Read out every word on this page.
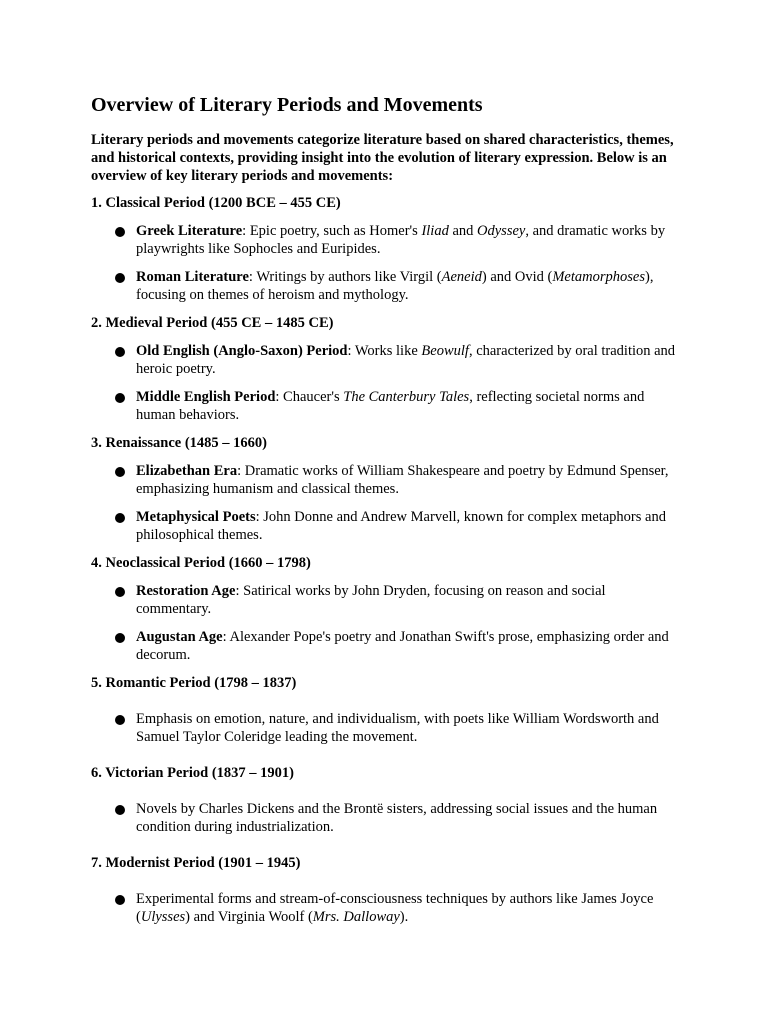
Overview of Literary Periods and Movements

Literary periods and movements categorize literature based on shared characteristics, themes, and historical contexts, providing insight into the evolution of literary expression. Below is an overview of key literary periods and movements:

1. Classical Period (1200 BCE – 455 CE)
Greek Literature: Epic poetry, such as Homer's Iliad and Odyssey, and dramatic works by playwrights like Sophocles and Euripides.
Roman Literature: Writings by authors like Virgil (Aeneid) and Ovid (Metamorphoses), focusing on themes of heroism and mythology.
2. Medieval Period (455 CE – 1485 CE)
Old English (Anglo-Saxon) Period: Works like Beowulf, characterized by oral tradition and heroic poetry.
Middle English Period: Chaucer's The Canterbury Tales, reflecting societal norms and human behaviors.
3. Renaissance (1485 – 1660)
Elizabethan Era: Dramatic works of William Shakespeare and poetry by Edmund Spenser, emphasizing humanism and classical themes.
Metaphysical Poets: John Donne and Andrew Marvell, known for complex metaphors and philosophical themes.
4. Neoclassical Period (1660 – 1798)
Restoration Age: Satirical works by John Dryden, focusing on reason and social commentary.
Augustan Age: Alexander Pope's poetry and Jonathan Swift's prose, emphasizing order and decorum.
5. Romantic Period (1798 – 1837)
Emphasis on emotion, nature, and individualism, with poets like William Wordsworth and Samuel Taylor Coleridge leading the movement.
6. Victorian Period (1837 – 1901)
Novels by Charles Dickens and the Brontë sisters, addressing social issues and the human condition during industrialization.
7. Modernist Period (1901 – 1945)
Experimental forms and stream-of-consciousness techniques by authors like James Joyce (Ulysses) and Virginia Woolf (Mrs. Dalloway).
